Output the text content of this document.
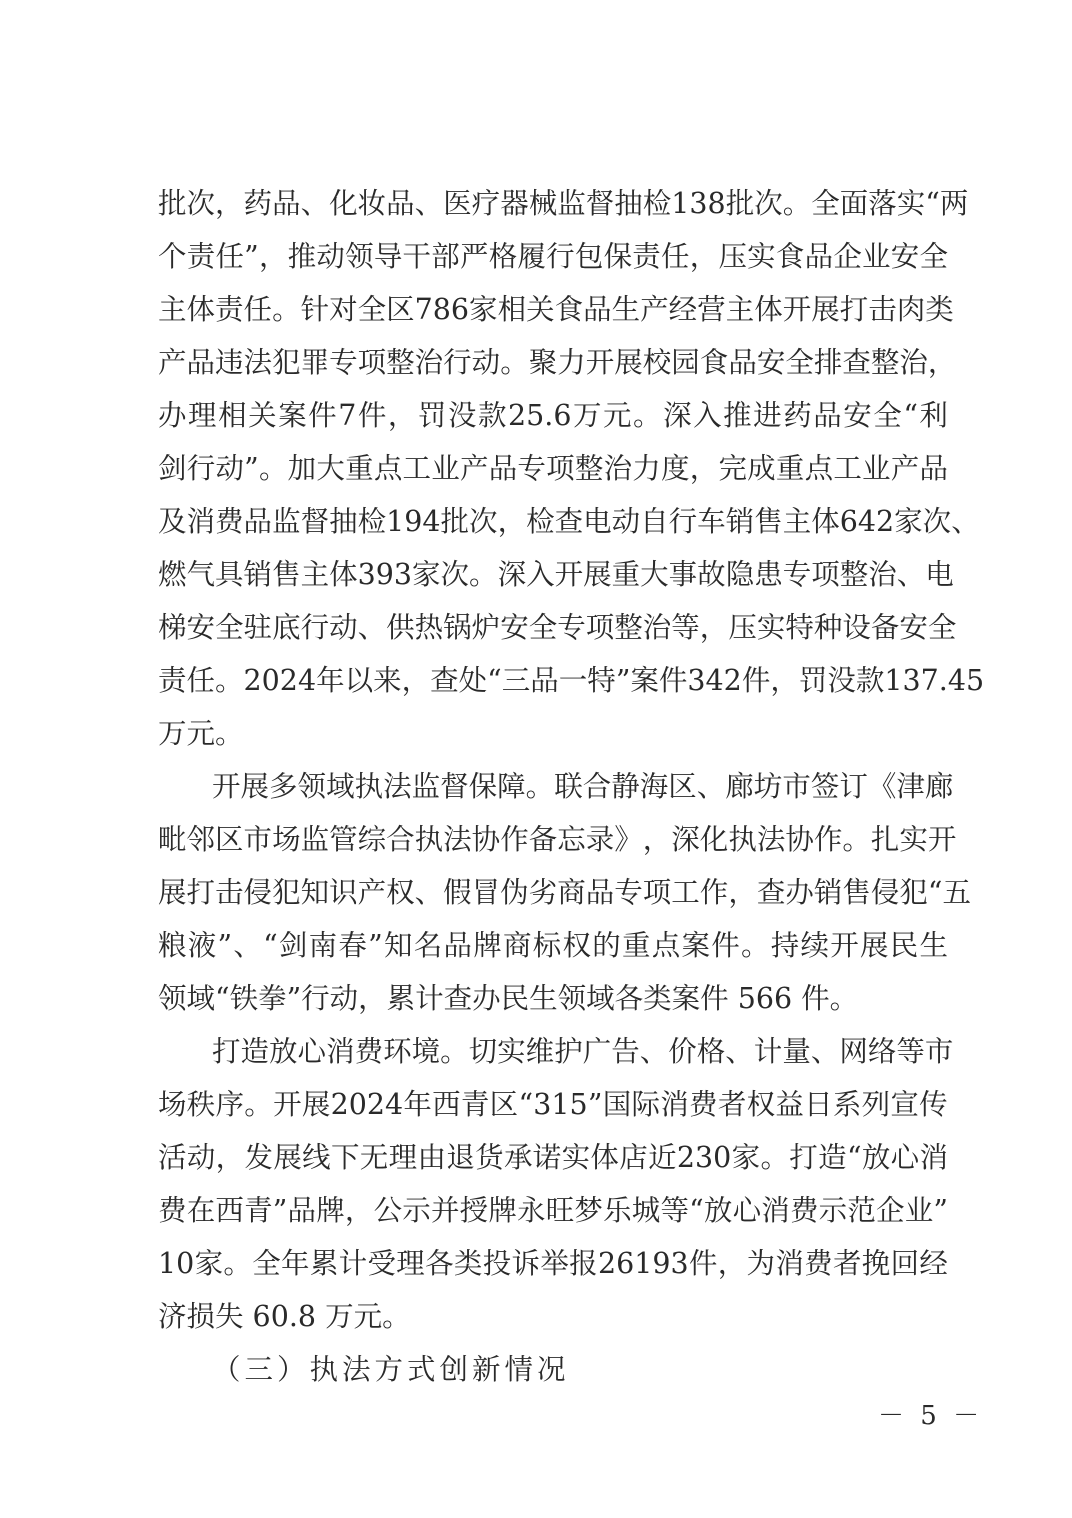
批 次 ， 药 品 、 化 妆 品 、 医 疗 器 械 监 督 抽 检 138 批 次 。 全 面 落 实 “ 两
个 责 任 ” ， 推 动 领 导 干 部 严 格 履 行 包 保 责 任 ， 压 实 食 品 企 业 安 全
主 体 责 任 。 针 对 全 区 786 家 相 关 食 品 生 产 经 营 主 体 开 展 打 击 肉 类
产 品 违 法 犯 罪 专 项 整 治 行 动 。 聚 力 开 展 校 园 食 品 安 全 排 查 整 治 ，
办 理 相 关 案 件 7 件 ， 罚 没 款 25.6 万 元 。 深 入 推 进 药 品 安 全 “ 利
剑 行 动 ” 。 加 大 重 点 工 业 产 品 专 项 整 治 力 度 ， 完 成 重 点 工 业 产 品
及 消 费 品 监 督 抽 检 194 批 次 ， 检 查 电 动 自 行 车 销 售 主 体 642 家 次 、
燃 气 具 销 售 主 体 393 家 次 。 深 入 开 展 重 大 事 故 隐 患 专 项 整 治 、 电
梯 安 全 驻 底 行 动 、 供 热 锅 炉 安 全 专 项 整 治 等 ， 压 实 特 种 设 备 安 全
责 任 。 2024 年 以 来 ， 查 处 “ 三 品 一 特 ” 案 件 342 件 ， 罚 没 款 137.45
万元。
开 展 多 领 域 执 法 监 督 保 障 。 联 合 静 海 区 、 廊 坊 市 签 订 《 津 廊
毗 邻 区 市 场 监 管 综 合 执 法 协 作 备 忘 录 》 ， 深 化 执 法 协 作 。 扎 实 开
展 打 击 侵 犯 知 识 产 权 、 假 冒 伪 劣 商 品 专 项 工 作 ， 查 办 销 售 侵 犯 “ 五
粮 液 ” 、 “ 剑 南 春 ” 知 名 品 牌 商 标 权 的 重 点 案 件 。 持 续 开 展 民 生
领域“铁拳”行动，累计查办民生领域各类案件 566 件。
打 造 放 心 消 费 环 境 。 切 实 维 护 广 告 、 价 格 、 计 量 、 网 络 等 市
场 秩 序 。 开 展 2024 年 西 青 区 “ 315 ” 国 际 消 费 者 权 益 日 系 列 宣 传
活 动 ， 发 展 线 下 无 理 由 退 货 承 诺 实 体 店 近 230 家 。 打 造 “ 放 心 消
费 在 西 青 ” 品 牌 ， 公 示 并 授 牌 永 旺 梦 乐 城 等 “ 放 心 消 费 示 范 企 业 ”
10 家 。 全 年 累 计 受 理 各 类 投 诉 举 报 26193 件 ， 为 消 费 者 挽 回 经
济损失 60.8 万元。
（三）执法方式创新情况
－ 5 －
